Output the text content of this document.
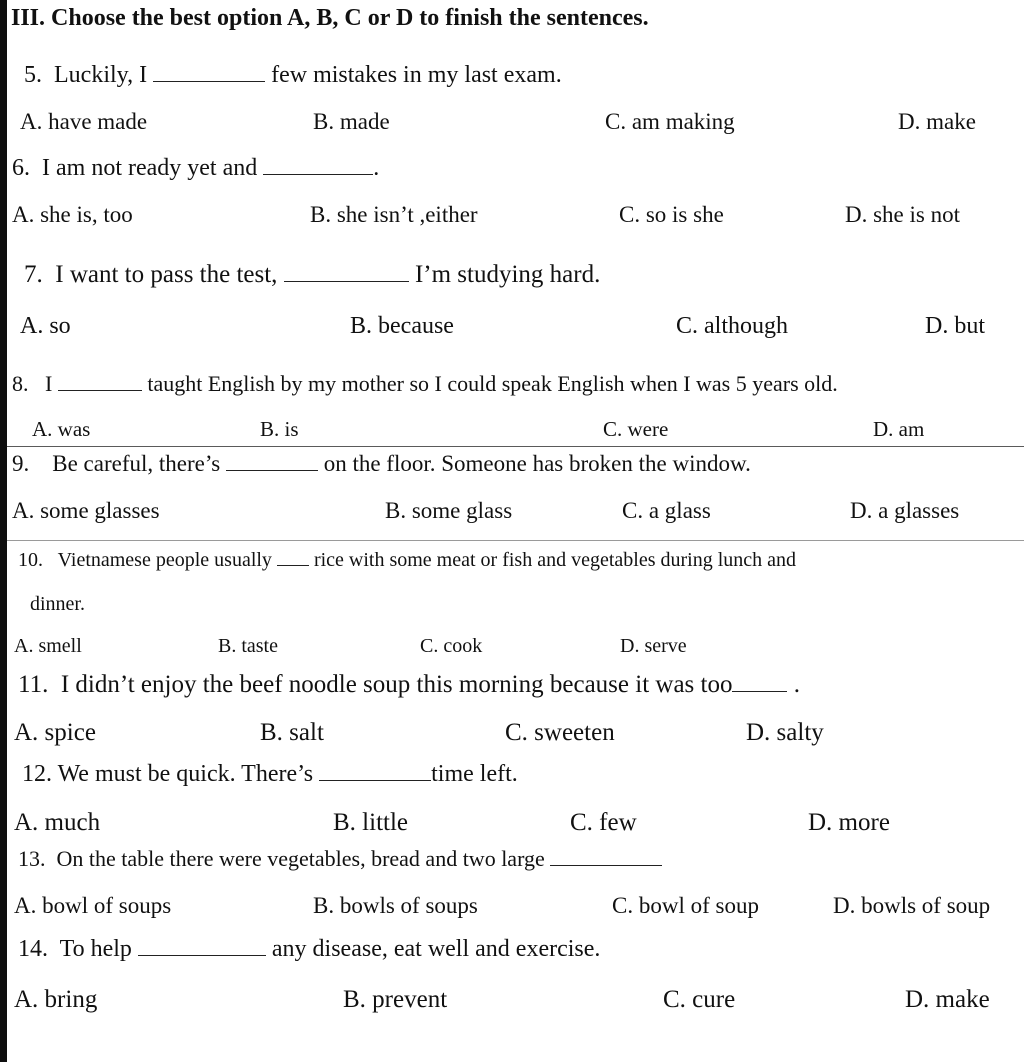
III. Choose the best option A, B, C or D to finish the sentences.
5. Luckily, I	few mistakes in my last exam.
A. have made	B. made	C. am making	D. make
6. I am not ready yet and	.
A. she is, too	B. she isn’t ,either	C. so is she	D. she is not
7. I want to pass the test,	I’m studying hard.
A. so	B. because	C. although	D. but
8. I	taught English by my mother so I could speak English when I was 5 years old.
A. was	B. is	C. were	D. am
9. Be careful, there’s	on the floor. Someone has broken the window.
A. some glasses	B. some glass	C. a glass	D. a glasses
10. Vietnamese people usually rice with some meat or fish and vegetables during lunch and
dinner.
A. smell	B. taste	C. cook	D. serve
11. I didn’t enjoy the beef noodle soup this morning because it was too .
A. spice	B. salt	C. sweeten	D. salty
12. We must be quick. There’s	time left.
A. much	B. little	C. few	D. more
13. On the table there were vegetables, bread and two large
A. bowl of soups	B. bowls of soups	C. bowl of soup	D. bowls of soup
14. To help	any disease, eat well and exercise.
A. bring	B. prevent	C. cure	D. make
